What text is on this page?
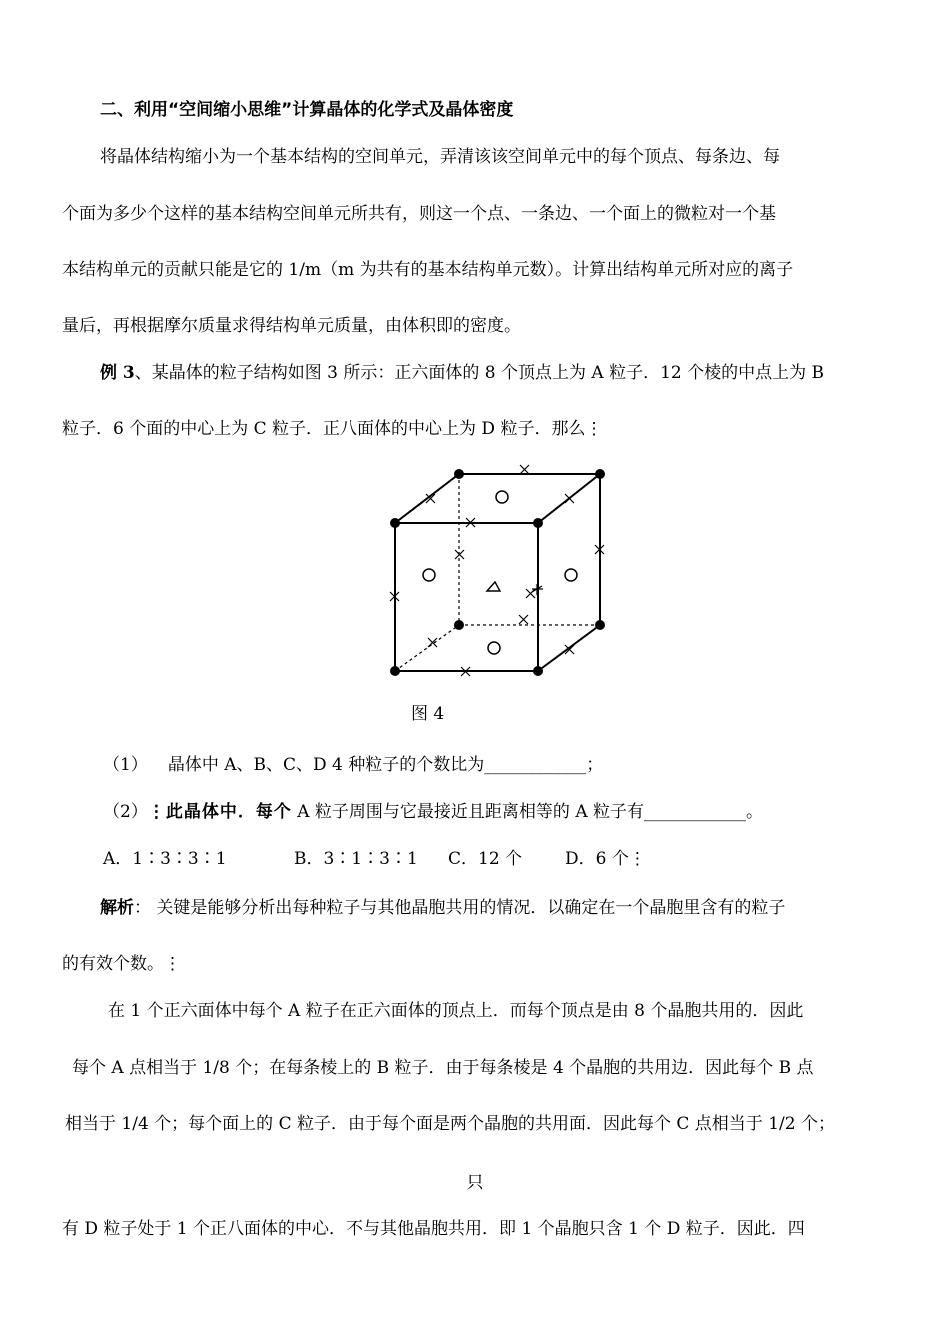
二、利用“空间缩小思维”计算晶体的化学式及晶体密度
将晶体结构缩小为一个基本结构的空间单元，弄清该该空间单元中的每个顶点、每条边、每
个面为多少个这样的基本结构空间单元所共有，则这一个点、一条边、一个面上的微粒对一个基
本结构单元的贡献只能是它的 1/m（m 为共有的基本结构单元数）。计算出结构单元所对应的离子
量后，再根据摩尔质量求得结构单元质量，由体积即的密度。
例 3、某晶体的粒子结构如图 3 所示：正六面体的 8 个顶点上为 A 粒子．12 个棱的中点上为 B
粒子．6 个面的中心上为 C 粒子．正八面体的中心上为 D 粒子．那么⋮
图 4
（1） 晶体中 A、B、C、D 4 种粒子的个数比为____________；
（2）⋮此晶体中．每个 A 粒子周围与它最接近且距离相等的 A 粒子有____________。
A．1∶3∶3∶1	B．3∶1∶3∶1 C．12 个	D．6 个⋮
解析： 关键是能够分析出每种粒子与其他晶胞共用的情况．以确定在一个晶胞里含有的粒子
的有效个数。⋮
在 1 个正六面体中每个 A 粒子在正六面体的顶点上．而每个顶点是由 8 个晶胞共用的．因此
每个 A 点相当于 1/8 个；在每条棱上的 B 粒子．由于每条棱是 4 个晶胞的共用边．因此每个 B 点
相当于 1/4 个；每个面上的 C 粒子．由于每个面是两个晶胞的共用面．因此每个 C 点相当于 1/2 个；
只
有 D 粒子处于 1 个正八面体的中心．不与其他晶胞共用．即 1 个晶胞只含 1 个 D 粒子．因此．四
